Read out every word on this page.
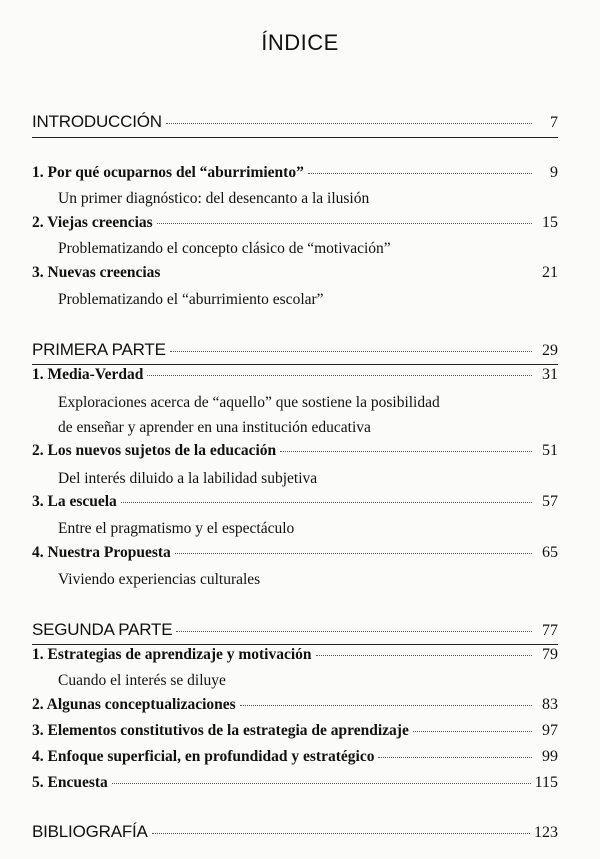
ÍNDICE
INTRODUCCIÓN	7
1. Por qué ocuparnos del “aburrimiento”	9
Un primer diagnóstico: del desencanto a la ilusión
2. Viejas creencias	15
Problematizando el concepto clásico de “motivación”
3. Nuevas creencias	21
Problematizando el “aburrimiento escolar”
PRIMERA PARTE	29
1. Media-Verdad	31
Exploraciones acerca de “aquello” que sostiene la posibilidad
de enseñar y aprender en una institución educativa
2. Los nuevos sujetos de la educación	51
Del interés diluido a la labilidad subjetiva
3. La escuela	57
Entre el pragmatismo y el espectáculo
4. Nuestra Propuesta	65
Viviendo experiencias culturales
SEGUNDA PARTE	77
1. Estrategias de aprendizaje y motivación	79
Cuando el interés se diluye
2. Algunas conceptualizaciones	83
3. Elementos constitutivos de la estrategia de aprendizaje	97
4. Enfoque superficial, en profundidad y estratégico	99
5. Encuesta	115
BIBLIOGRAFÍA	123
